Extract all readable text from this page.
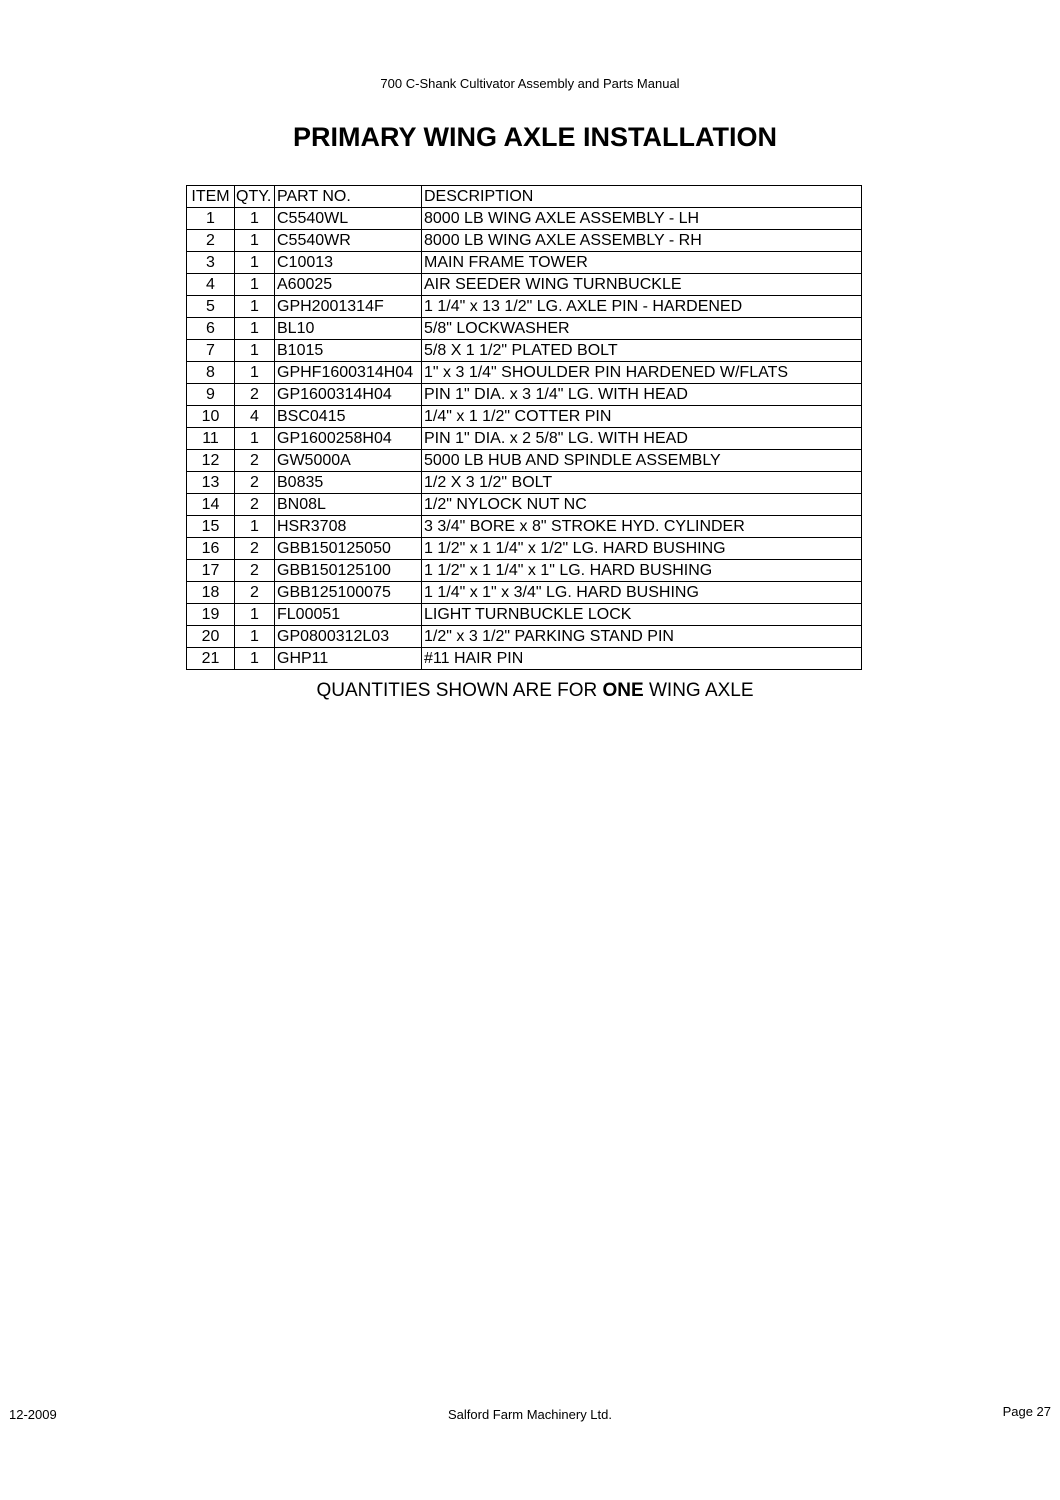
700 C-Shank Cultivator Assembly and Parts Manual
PRIMARY WING AXLE INSTALLATION
ITEM	QTY.	PART NO.	DESCRIPTION
1	1	C5540WL	8000 LB WING AXLE ASSEMBLY - LH
2	1	C5540WR	8000 LB WING AXLE ASSEMBLY - RH
3	1	C10013	MAIN FRAME TOWER
4	1	A60025	AIR SEEDER WING TURNBUCKLE
5	1	GPH2001314F	1 1/4" x 13 1/2" LG. AXLE PIN - HARDENED
6	1	BL10	5/8" LOCKWASHER
7	1	B1015	5/8 X 1 1/2" PLATED BOLT
8	1	GPHF1600314H04	1" x 3 1/4" SHOULDER PIN HARDENED W/FLATS
9	2	GP1600314H04	PIN 1" DIA. x 3 1/4" LG. WITH HEAD
10	4	BSC0415	1/4" x 1 1/2" COTTER PIN
11	1	GP1600258H04	PIN 1" DIA. x 2 5/8" LG. WITH HEAD
12	2	GW5000A	5000 LB HUB AND SPINDLE ASSEMBLY
13	2	B0835	1/2 X 3 1/2" BOLT
14	2	BN08L	1/2" NYLOCK NUT NC
15	1	HSR3708	3 3/4" BORE x 8" STROKE HYD. CYLINDER
16	2	GBB150125050	1 1/2" x 1 1/4" x 1/2" LG. HARD BUSHING
17	2	GBB150125100	1 1/2" x 1 1/4" x 1" LG. HARD BUSHING
18	2	GBB125100075	1 1/4" x 1" x 3/4" LG. HARD BUSHING
19	1	FL00051	LIGHT TURNBUCKLE LOCK
20	1	GP0800312L03	1/2" x 3 1/2" PARKING STAND PIN
21	1	GHP11	#11 HAIR PIN
QUANTITIES SHOWN ARE FOR ONE WING AXLE
12-2009	Salford Farm Machinery Ltd.	Page 27
